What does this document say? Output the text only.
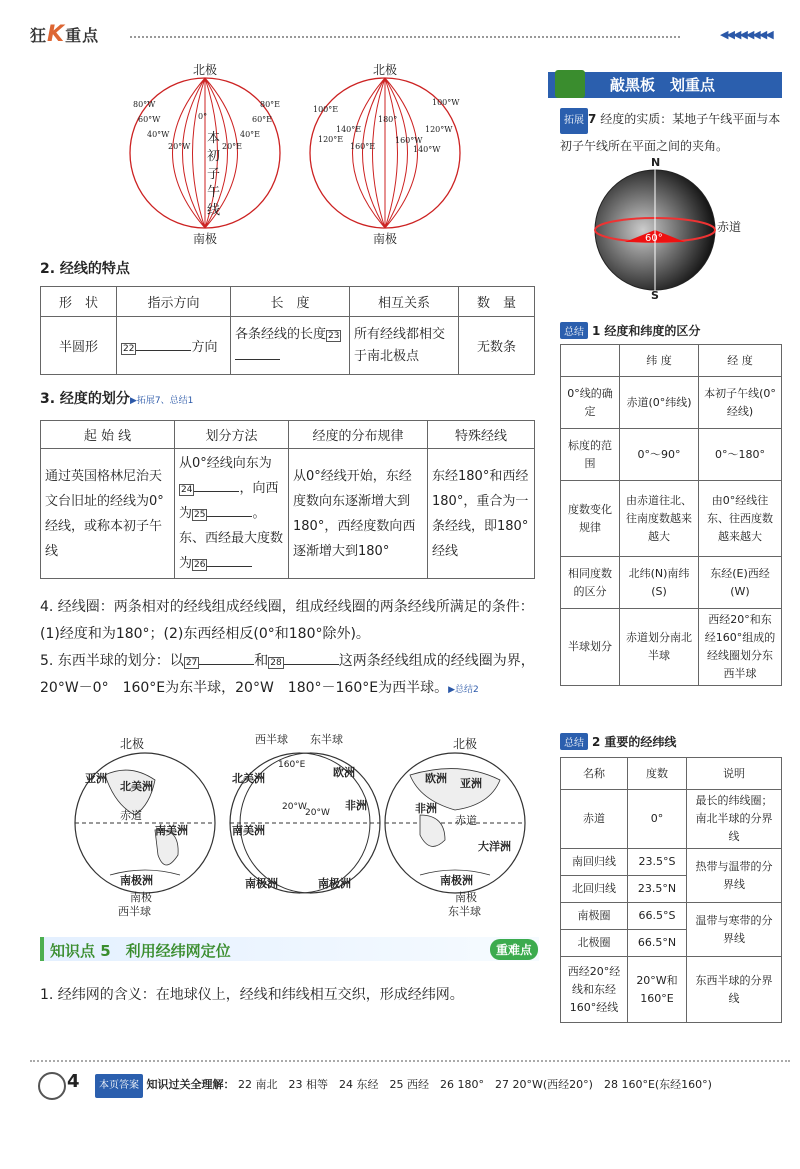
狂K重点	◀◀◀◀◀◀◀◀
北极
南极
本初子午线
80°W
60°W
40°W
20°W
0°
20°E
40°E
60°E
80°E
北极
南极
100°E
120°E
140°E
160°E
180°
160°W
140°W
120°W
100°W
2. 经线的特点
形　状	指示方向	长　度	相互关系	数　量
半圆形	22 方向	各条经线的长度 23	所有经线都相交于南北极点	无数条
3. 经度的划分▶拓展7、总结1
起 始 线	划分方法	经度的分布规律	特殊经线
通过英国格林尼治天文台旧址的经线为0°经线，或称本初子午线	从0°经线向东为24 ，向西为 25 。东、西经最大度数为 26	从0°经线开始，东经度数向东逐渐增大到180°，西经度数向西逐渐增大到180°	东经180°和西经180°，重合为一条经线，即180°经线
4. 经线圈：两条相对的经线组成经线圈，组成经线圈的两条经线所满足的条件：(1)经度和为180°；(2)东西经相反(0°和180°除外)。
5. 东西半球的划分：以 27	和 28	这两条经线组成的经线圈为界，20°W－0°　160°E为东半球，20°W　180°－160°E为西半球。▶总结2
北极
亚洲
北美洲
赤道
南美洲
南极洲
南极
西半球
西半球 东半球
北美洲
160°E
欧洲
非洲
南美洲
南极洲	南极洲
20°W
20°W
北极
欧洲 亚洲
非洲
赤道
大洋洲
南极洲
南极
东半球
知识点 5　利用经纬网定位	重难点
1. 经纬网的含义：在地球仪上，经线和纬线相互交织，形成经纬网。
敲黑板　划重点
拓展 7 经度的实质：某地子午线平面与本初子午线所在平面之间的夹角。
N
S
赤道
60°
总结 1 经度和纬度的区分
	纬 度	经 度
0°线的确定	赤道(0°纬线)	本初子午线(0°经线)
标度的范围	0°～90°	0°～180°
度数变化规律	由赤道往北、往南度数越来越大	由0°经线往东、往西度数越来越大
相同度数的区分	北纬(N)南纬(S)	东经(E)西经(W)
半球划分	赤道划分南北半球	西经20°和东经160°组成的经线圈划分东西半球
总结 2 重要的经纬线
名称	度数	说明
赤道	0°	最长的纬线圈；南北半球的分界线
南回归线	23.5°S	热带与温带的分界线
北回归线	23.5°N	
南极圈	66.5°S	温带与寒带的分界线
北极圈	66.5°N	
西经20°经线和东经160°经线	20°W和160°E	东西半球的分界线
4	本页答案 知识过关全理解： 22 南北　 23 相等　 24 东经　 25 西经　 26 180°　 27 20°W(西经20°)　 28 160°E(东经160°)
